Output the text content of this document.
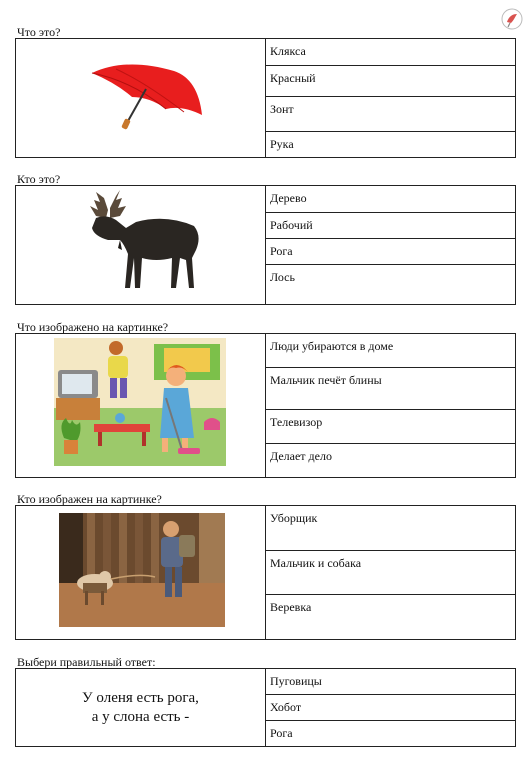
Что это?
Клякса
Красный
Зонт
Рука
Кто это?
Дерево
Рабочий
Рога
Лось
Что изображено на картинке?
Люди убираются в доме
Мальчик печёт блины
Телевизор
Делает дело
Кто изображен на картинке?
Уборщик
Мальчик и собака
Веревка
Выбери правильный ответ:
У оленя есть рога,
а у слона есть -
Пуговицы
Хобот
Рога
